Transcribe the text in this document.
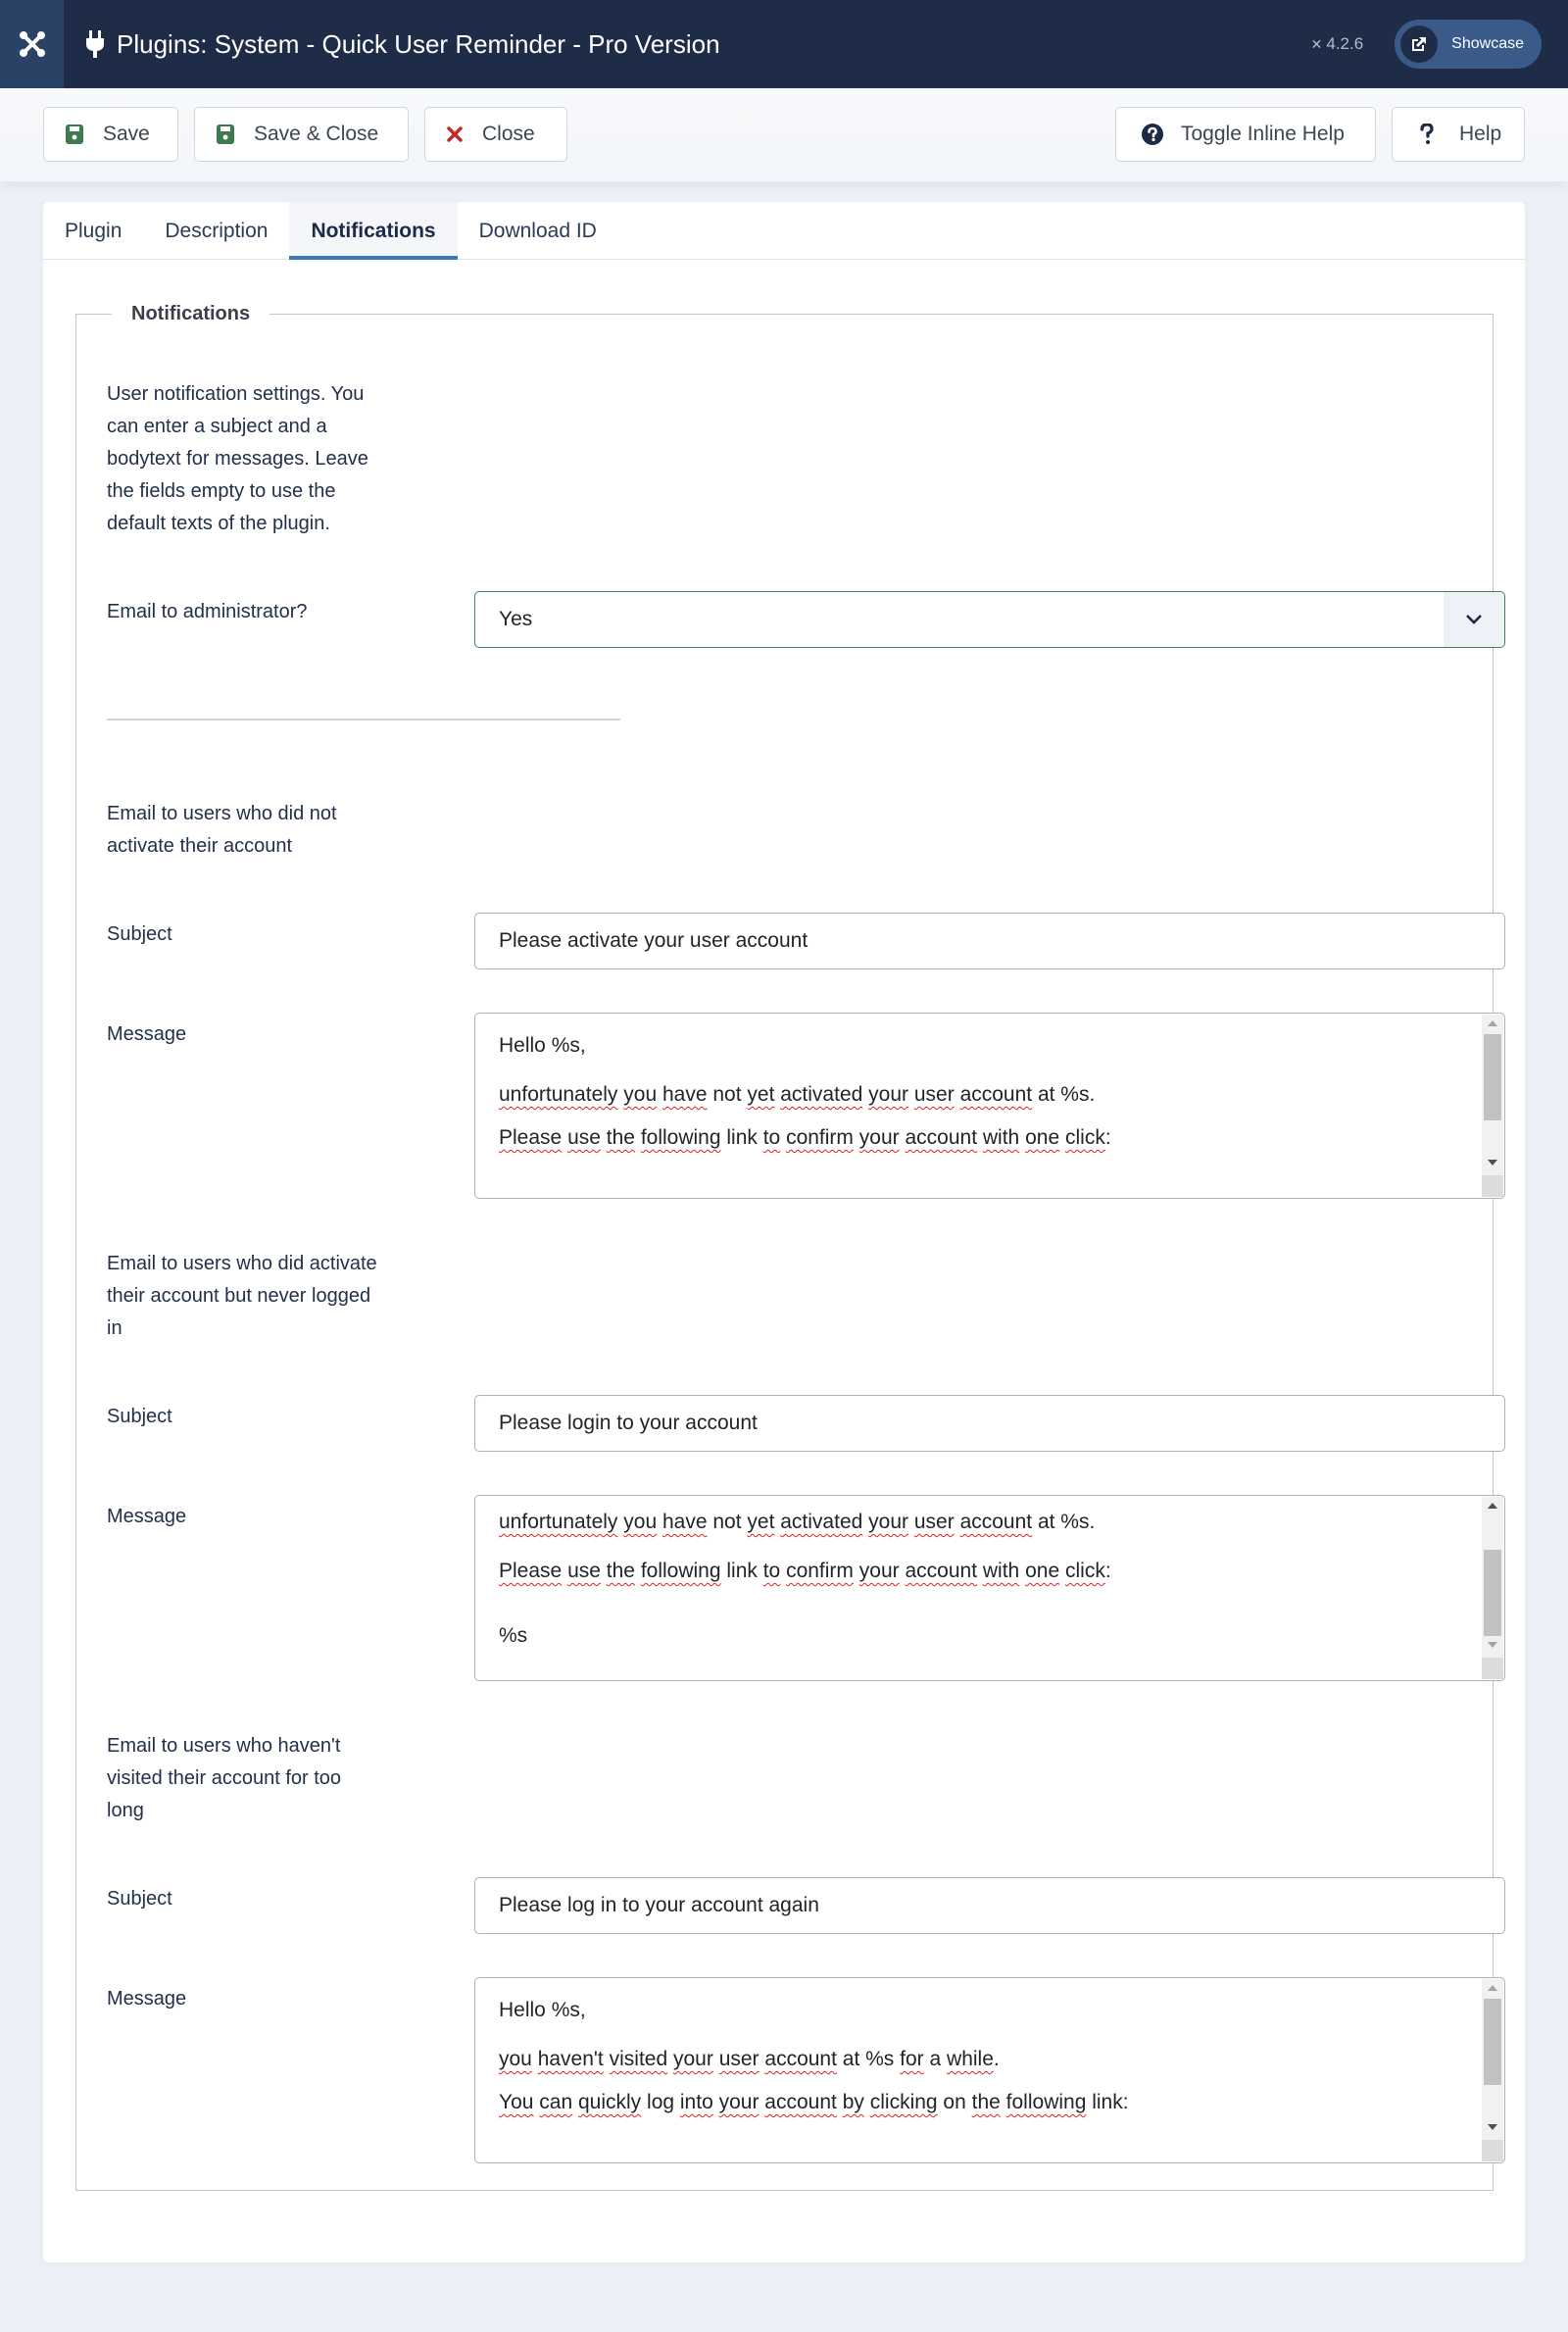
Plugins: System - Quick User Reminder - Pro Version	✕ 4.2.6	Showcase
Save	Save & Close	Close	Toggle Inline Help	Help
Plugin	Description	Notifications	Download ID
Notifications
User notification settings. You
can enter a subject and a
bodytext for messages. Leave
the fields empty to use the
default texts of the plugin.
Email to administrator?	Yes
Email to users who did not
activate their account
Subject	Please activate your user account
Message	Hello %s,
unfortunately you have not yet activated your user account at %s.
Please use the following link to confirm your account with one click:
Email to users who did activate
their account but never logged
in
Subject	Please login to your account
Message	unfortunately you have not yet activated your user account at %s.
Please use the following link to confirm your account with one click:
%s
Email to users who haven't
visited their account for too
long
Subject	Please log in to your account again
Message	Hello %s,
you haven't visited your user account at %s for a while.
You can quickly log into your account by clicking on the following link:
